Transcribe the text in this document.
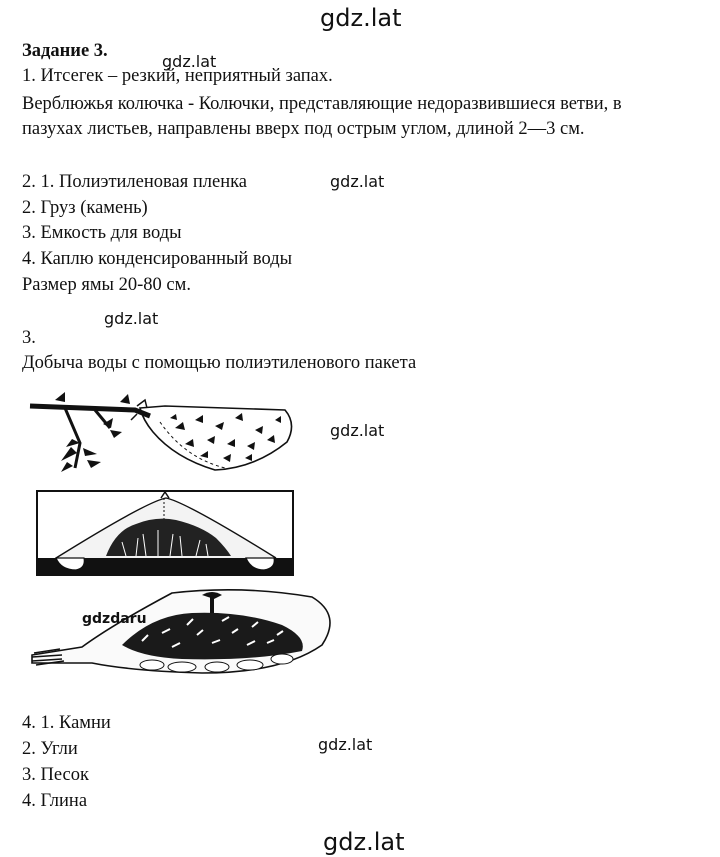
gdz.lat
gdz.lat
gdz.lat
gdz.lat
gdz.lat
gdz.lat
gdz.lat
Задание 3.
1. Итсегек – резкий, неприятный запах.
Верблюжья колючка - Колючки, представляющие недоразвившиеся ветви, в
пазухах листьев, направлены вверх под острым углом, длиной 2—3 см.
2. 1. Полиэтиленовая пленка
2. Груз (камень)
3. Емкость для воды
4. Каплю конденсированный воды
Размер ямы 20-80 см.
3.
Добыча воды с помощью полиэтиленового пакета
gdzdaru
4. 1. Камни
2. Угли
3. Песок
4. Глина
